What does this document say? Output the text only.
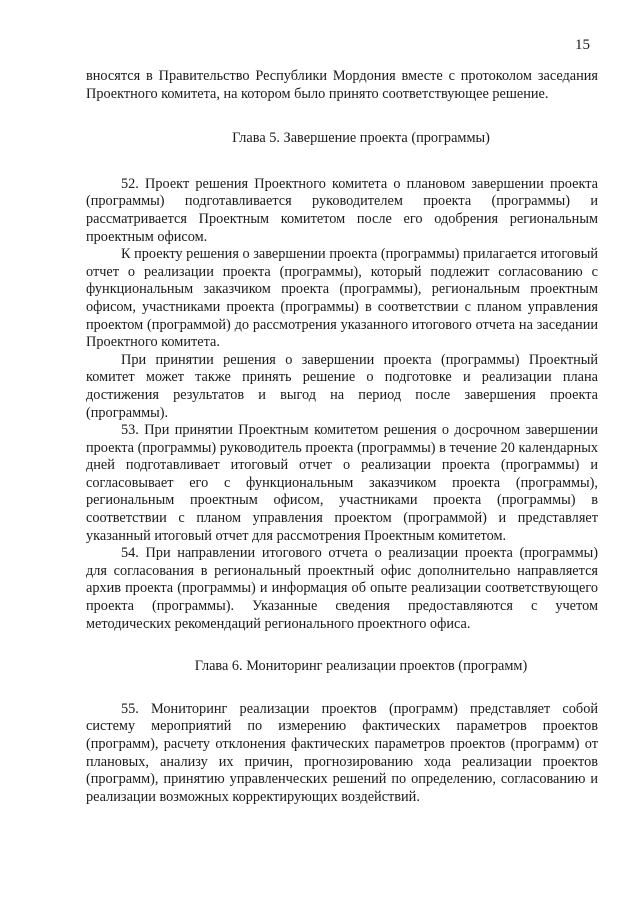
15

вносятся в Правительство Республики Мордония вместе с протоколом заседания Проектного комитета, на котором было принято соответствующее решение.

Глава 5. Завершение проекта (программы)

52. Проект решения Проектного комитета о плановом завершении проекта (программы) подготавливается руководителем проекта (программы) и рассматривается Проектным комитетом после его одобрения региональным проектным офисом.

К проекту решения о завершении проекта (программы) прилагается итоговый отчет о реализации проекта (программы), который подлежит согласованию с функциональным заказчиком проекта (программы), региональным проектным офисом, участниками проекта (программы) в соответствии с планом управления проектом (программой) до рассмотрения указанного итогового отчета на заседании Проектного комитета.

При принятии решения о завершении проекта (программы) Проектный комитет может также принять решение о подготовке и реализации плана достижения результатов и выгод на период после завершения проекта (программы).

53. При принятии Проектным комитетом решения о досрочном завершении проекта (программы) руководитель проекта (программы) в течение 20 календарных дней подготавливает итоговый отчет о реализации проекта (программы) и согласовывает его с функциональным заказчиком проекта (программы), региональным проектным офисом, участниками проекта (программы) в соответствии с планом управления проектом (программой) и представляет указанный итоговый отчет для рассмотрения Проектным комитетом.

54. При направлении итогового отчета о реализации проекта (программы) для согласования в региональный проектный офис дополнительно направляется архив проекта (программы) и информация об опыте реализации соответствующего проекта (программы). Указанные сведения предоставляются с учетом методических рекомендаций регионального проектного офиса.

Глава 6. Мониторинг реализации проектов (программ)

55. Мониторинг реализации проектов (программ) представляет собой систему мероприятий по измерению фактических параметров проектов (программ), расчету отклонения фактических параметров проектов (программ) от плановых, анализу их причин, прогнозированию хода реализации проектов (программ), принятию управленческих решений по определению, согласованию и реализации возможных корректирующих воздействий.
